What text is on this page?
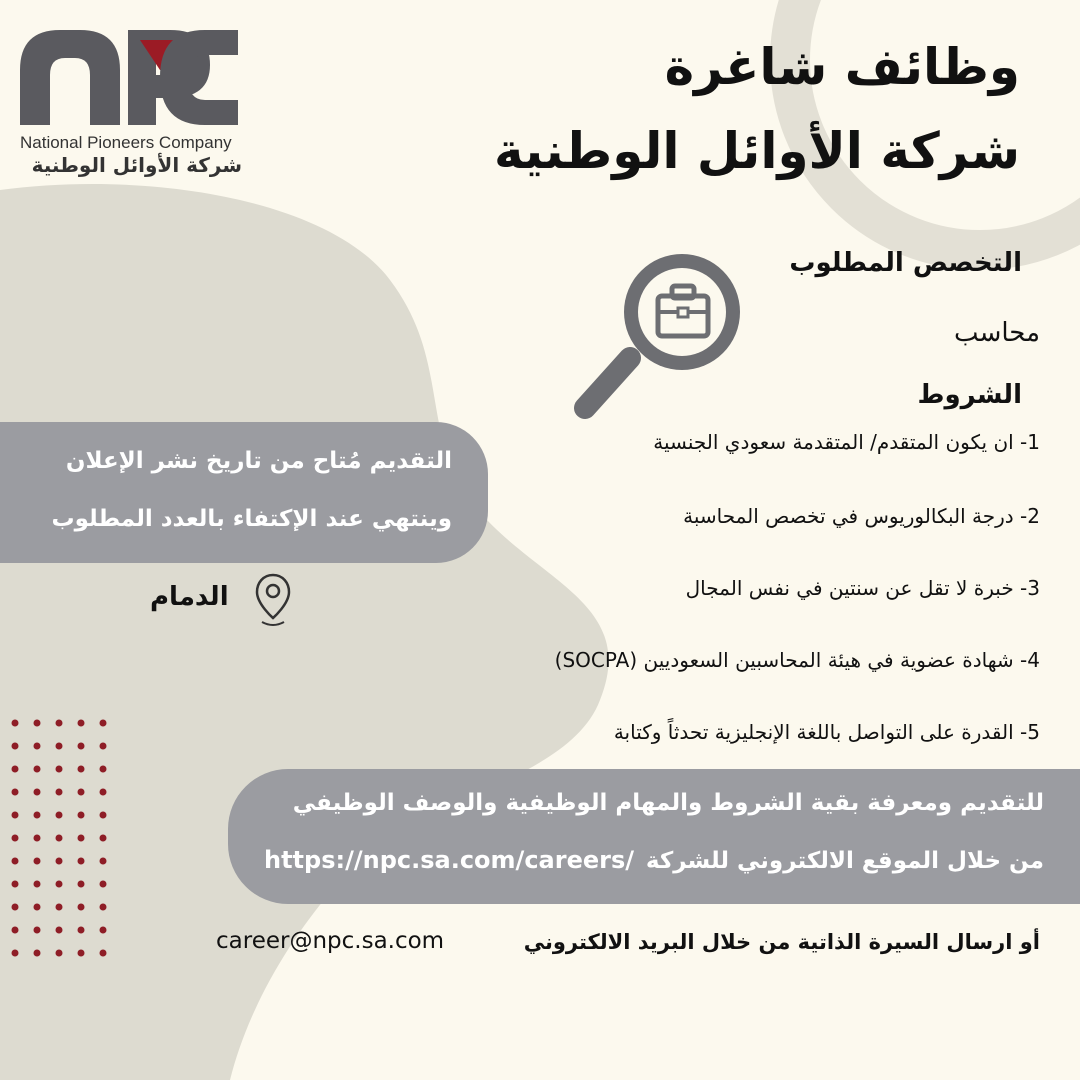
National Pioneers Company
شركة الأوائل الوطنية
وظائف شاغرة
شركة الأوائل الوطنية
التخصص المطلوب
محاسب
الشروط
1- ان يكون المتقدم/ المتقدمة سعودي الجنسية
2- درجة البكالوريوس في تخصص المحاسبة
3- خبرة لا تقل عن سنتين في نفس المجال
4- شهادة عضوية في هيئة المحاسبين السعوديين (SOCPA)
5- القدرة على التواصل باللغة الإنجليزية تحدثاً وكتابة
التقديم مُتاح من تاريخ نشر الإعلان
وينتهي عند الإكتفاء بالعدد المطلوب
الدمام
للتقديم ومعرفة بقية الشروط والمهام الوظيفية والوصف الوظيفي
من خلال الموقع الالكتروني للشركة
https://npc.sa.com/careers/
أو ارسال السيرة الذاتية من خلال البريد الالكتروني
career@npc.sa.com
